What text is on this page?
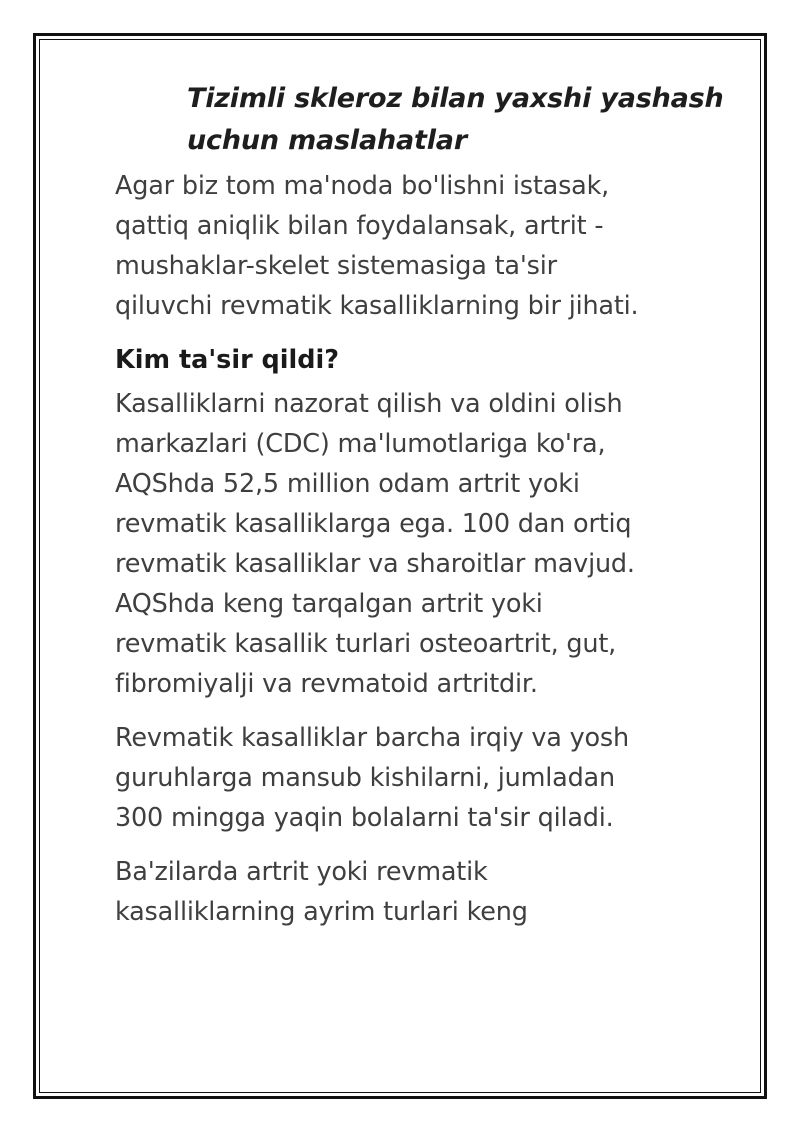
Tizimli skleroz bilan yaxshi yashash
uchun maslahatlar

Agar biz tom ma'noda bo'lishni istasak,
qattiq aniqlik bilan foydalansak, artrit -
mushaklar-skelet sistemasiga ta'sir
qiluvchi revmatik kasalliklarning bir jihati.

Kim ta'sir qildi?

Kasalliklarni nazorat qilish va oldini olish
markazlari (CDC) ma'lumotlariga ko'ra,
AQShda 52,5 million odam artrit yoki
revmatik kasalliklarga ega. 100 dan ortiq
revmatik kasalliklar va sharoitlar mavjud.
AQShda keng tarqalgan artrit yoki
revmatik kasallik turlari osteoartrit, gut,
fibromiyalji va revmatoid artritdir.

Revmatik kasalliklar barcha irqiy va yosh
guruhlarga mansub kishilarni, jumladan
300 mingga yaqin bolalarni ta'sir qiladi.

Ba'zilarda artrit yoki revmatik
kasalliklarning ayrim turlari keng
